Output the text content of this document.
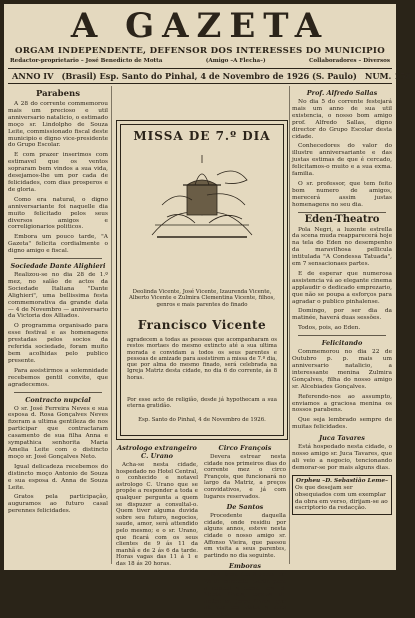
A GAZETA
ORGAM INDEPENDENTE, DEFENSOR DOS INTERESSES DO MUNICIPIO
Redactor-proprietario – José Benedicto de Motta	(Amigo –A Flecha–)	Collaboradores – Diversos
ANNO IV (Brasil) Esp. Santo do Pinhal, 4 de Novembro de 1926 (S. Paulo) NUM. 158
Parabens

A 28 do corrente commemorou mais um precioso e util anniversario natalicio, o estimado moço sr. Lindolpho de Souza Leite, commissionado fiscal deste municipio e digno vice-presidente do Grupo Escolar.

E com prazer inserimos com estimavel que os ventos sopraram bem vindos a sua vida, desejamos-lhe um por cada de felicidades, com dias prosperos e de gloria.

Como era natural, o digno anniversariante foi naquelle dia muito felicitado pelos seus diversos amigos e correligionarios politicos.

Embora um pouco tarde, "A Gazeta" felicita cordialmente o digno amigo e fiscal.

Sociedade Dante Alighieri

Realizou-se no dia 28 de 1.º mez, no salão de actos da Sociedade Italiana "Dante Alighieri", uma bellissima festa commemorativa da grande data — 4 de Novembro — anniversario da Victoria dos Alliados.

O programma organisado para esse festival e as homenagens prestadas pelos socios da referida sociedade, foram muito bem acolhidas pelo publico presente.

Para assistirmos a solemnidade recebemos gentil convite, que agradecemos.

Contracto nupcial

O sr. José Ferreira Neves e sua esposa d. Rosa Gonçalves Neves fizeram a ultima gentileza de nos participar que contractaram casamento de sua filha Anna e sympathica senhorita Maria Amelia Leite com o distincto moço sr. José Gonçalves Neto.

Igual delicadeza recebemos do distincto moço Antonio de Souza e sua esposa d. Anna de Souza Leite.

Gratos pela participação, auguramos ao futuro casal perennes felicidades.

MISSA DE 7.º DIA
Deolinda Vicente, José Vicente, Izaurenda Vicente, Alberto Vicente e Zulmira Clementina Vicente, filhos, genros e mais parentes do finado
Francisco Vicente
agradecem a todas as pessoas que acompanharam os restos mortaes do mesmo extincto até a sua ultima morada e convidam a todos os seus parentes e pessoas de amizade para assistirem a missa de 7.º dia, que por alma do mesmo finado, será celebrada na Igreja Matriz desta cidade, no dia 6 do corrente, ás 8 horas.
Por esse acto de religião, desde já hypothecam a sua eterna gratidão.
Esp. Santo do Pinhal, 4 de Novembro de 1926.
Astrologo extrangeiro C. Urano

Acha-se nesta cidade, hospedado no Hotel Central, o conhecido e notavel astrologo C. Urano que se propõe a responder a toda e qualquer pergunta a quem se dispuzer a consultal-o. Quem tiver alguma duvida sobre seu futuro, negocios, saude, amor, será attendido pelo mesmo; e o sr. Urano, que ficará com os seus clientes de 9 ás 11 da manhã e de 2 ás 6 da tarde. Horas vagas das 11 á 1 e das 18 ás 20 horas.

Circo François

Devera estrear nesta cidade nos primeiros dias do corrente mez o circo François, que funcionará no largo da Matriz, a preços convidativos, e já com lugares reservados.

De Santos

Procedente daquella cidade, onde residiu por alguns annos, esteve nesta cidade o nosso amigo sr. Affonso Vieira, que passou em visita a seus parentes, partindo no dia seguinte.

Emboras

Pelo trem das 8 horas, de 28 do corrente, partiu para a capital a exma. sra. d. Maria Gama, esposa do amigo sr. Jorge Gama, que ali vae em visita a seus parentes.

Prof. Alfredo Sallas

No dia 5 do corrente festejará mais um anno de sua util existencia, o nosso bom amigo prof. Alfredo Sallas, digno director do Grupo Escolar desta cidade.

Conhecedores do valor do illustre anniversariante e das justas estimas de que é cercado, felicitamos-o muito e a sua exma. familia.

O sr. professor, que tem feito bom numero de amigos, merecerá assim justas homenagens no seu dia.

Eden-Theatro

Pola Negri, a luzente estrella da scena muda reapparecerá hoje na tela do Eden no desempenho da maravilhosa pellicula intitulada "A Condessa Tatuada", em 7 sensacionaes partes.

E de esperar que numerosa assistencia vá ao elegante cinema applaudir o dedicado emprezario, que não se poupa a esforços para agradar o publico pinhalense.

Domingo, por ser dia da matinée, haverá duas sessões.

Todos, pois, ao Eden.

Felicitando

Commemorou no dia 22 de Outubro p. p. mais um anniversario natalicio, a interessante menina Zulmira Gonçalves, filha do nosso amigo sr. Alcebiades Gonçalves.

Referendo-nos ao assumpto, enviamos a graciosa menina os nossos parabens.

Que seja lembrado sempre de muitas felicidades.

Juca Tavares

Está hospedado nesta cidade, o nosso amigo sr. Juca Tavares, que ali veio a negocio, tencionando demorar-se por mais alguns dias.

Orpheu –D. Sebastião Leme–
Os que desejam ser obsequiados com um exemplar da obra em verso, dirijam-se ao escriptorio da redacção.
